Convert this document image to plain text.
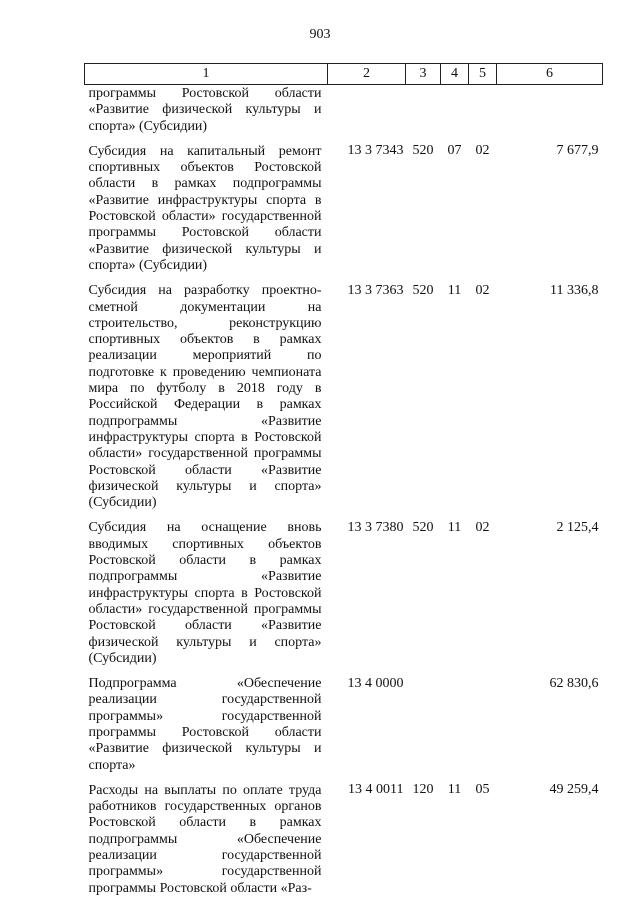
903
1	2	3	4	5	6
программы Ростовской области «Развитие физической культуры и спорта» (Субсидии)					
Субсидия на капитальный ремонт спортивных объектов Ростовской области в рамках подпрограммы «Развитие инфраструктуры спорта в Ростовской области» государственной программы Ростовской области «Развитие физической культуры и спорта» (Субсидии)	13 3 7343	520	07	02	7 677,9
Субсидия на разработку проектно-сметной документации на строительство, реконструкцию спортивных объектов в рамках реализации мероприятий по подготовке к проведению чемпионата мира по футболу в 2018 году в Российской Федерации в рамках подпрограммы «Развитие инфраструктуры спорта в Ростовской области» государственной программы Ростовской области «Развитие физической культуры и спорта» (Субсидии)	13 3 7363	520	11	02	11 336,8
Субсидия на оснащение вновь вводимых спортивных объектов Ростовской области в рамках подпрограммы «Развитие инфраструктуры спорта в Ростовской области» государственной программы Ростовской области «Развитие физической культуры и спорта» (Субсидии)	13 3 7380	520	11	02	2 125,4
Подпрограмма «Обеспечение реализации государственной программы» государственной программы Ростовской области «Развитие физической культуры и спорта»	13 4 0000				62 830,6
Расходы на выплаты по оплате труда работников государственных органов Ростовской области в рамках подпрограммы «Обеспечение реализации государственной программы» государственной программы Ростовской области «Раз-	13 4 0011	120	11	05	49 259,4
